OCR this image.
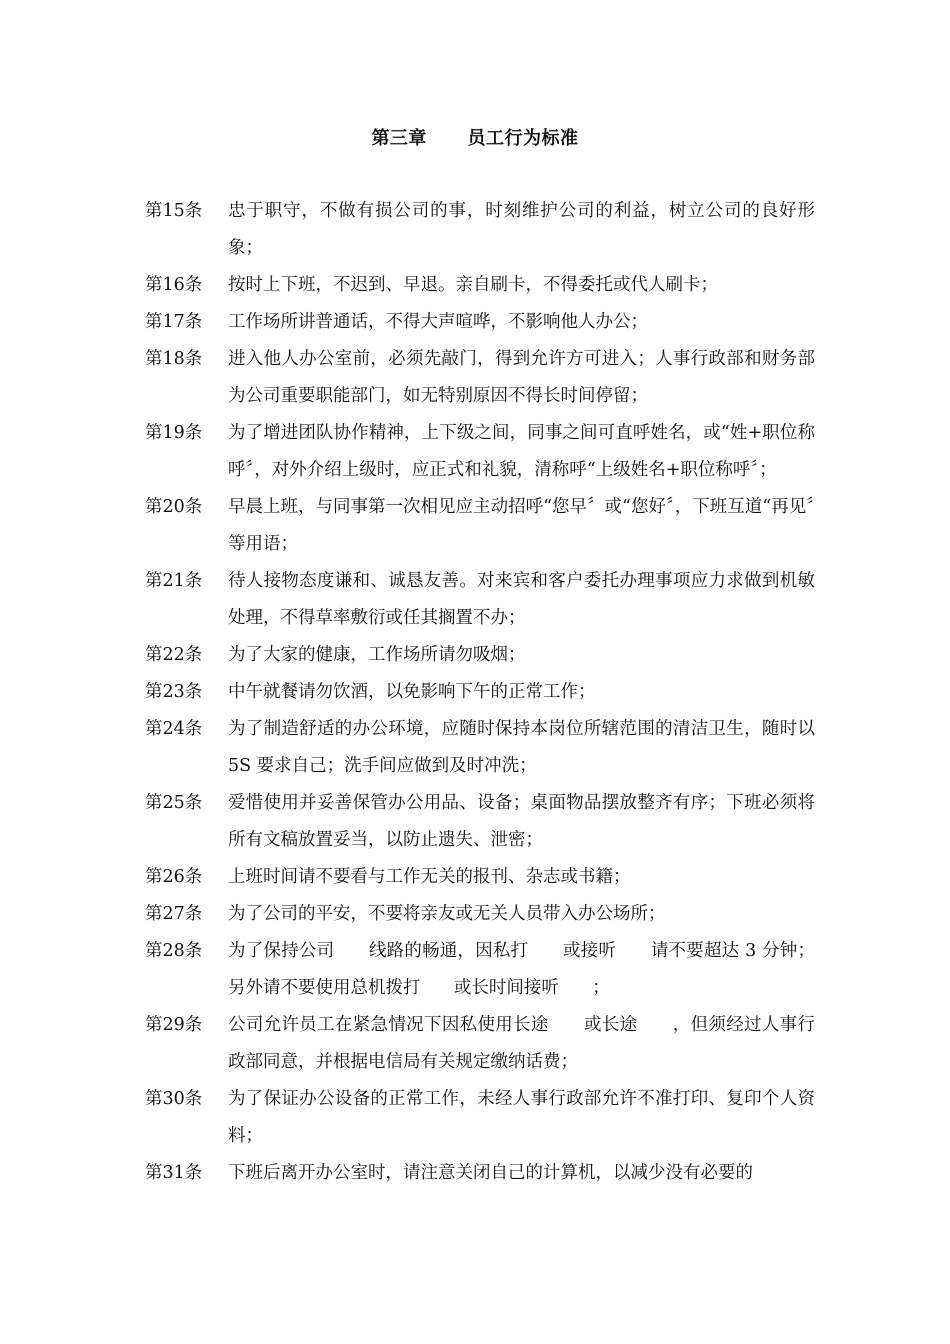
第三章      员工行为标准
第15条	忠于职守，不做有损公司的事，时刻维护公司的利益，树立公司的良好形象；
第16条	按时上下班，不迟到、早退。亲自刷卡，不得委托或代人刷卡；
第17条	工作场所讲普通话，不得大声喧哗，不影响他人办公；
第18条	进入他人办公室前，必须先敲门，得到允许方可进入；人事行政部和财务部为公司重要职能部门，如无特别原因不得长时间停留；
第19条	为了增进团队协作精神，上下级之间，同事之间可直呼姓名，或“姓+职位称呼〞，对外介绍上级时，应正式和礼貌，清称呼“上级姓名+职位称呼〞；
第20条	早晨上班，与同事第一次相见应主动招呼“您早〞或“您好〞，下班互道“再见〞等用语；
第21条	待人接物态度谦和、诚恳友善。对来宾和客户委托办理事项应力求做到机敏处理，不得草率敷衍或任其搁置不办；
第22条	为了大家的健康，工作场所请勿吸烟；
第23条	中午就餐请勿饮酒，以免影响下午的正常工作；
第24条	为了制造舒适的办公环境，应随时保持本岗位所辖范围的清洁卫生，随时以 5S 要求自己；洗手间应做到及时冲洗；
第25条	爱惜使用并妥善保管办公用品、设备；桌面物品摆放整齐有序；下班必须将所有文稿放置妥当，以防止遗失、泄密；
第26条	上班时间请不要看与工作无关的报刊、杂志或书籍；
第27条	为了公司的平安，不要将亲友或无关人员带入办公场所；
第28条	为了保持公司      线路的畅通，因私打      或接听      请不要超达 3 分钟；另外请不要使用总机拨打      或长时间接听      ；
第29条	公司允许员工在紧急情况下因私使用长途      或长途      ，但须经过人事行政部同意，并根据电信局有关规定缴纳话费；
第30条	为了保证办公设备的正常工作，未经人事行政部允许不准打印、复印个人资料；
第31条	下班后离开办公室时，请注意关闭自己的计算机，以减少没有必要的
